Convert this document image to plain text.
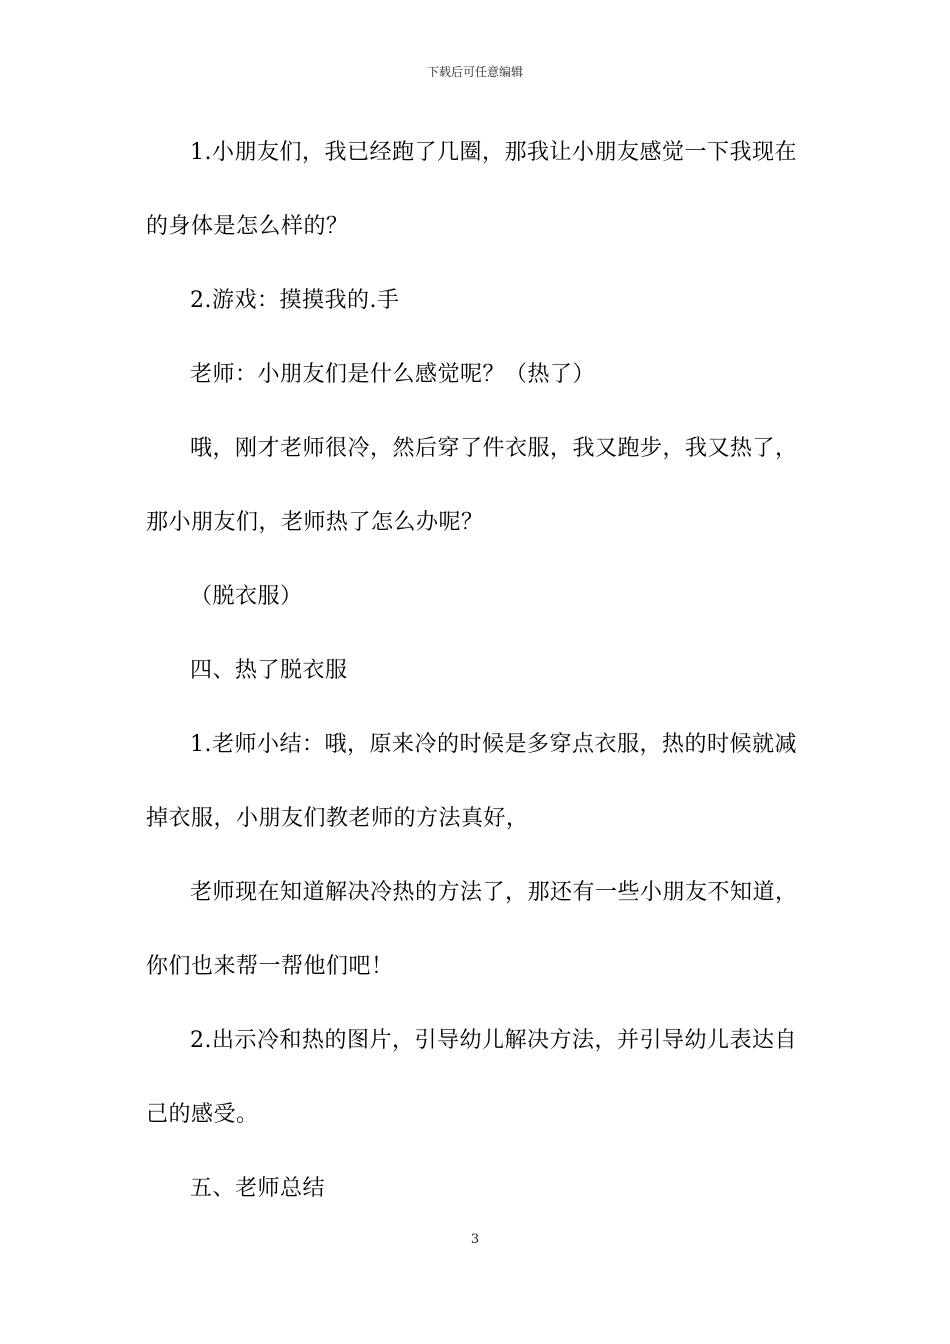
下载后可任意编辑

1.小朋友们，我已经跑了几圈，那我让小朋友感觉一下我现在

的身体是怎么样的？

2.游戏：摸摸我的.手

老师：小朋友们是什么感觉呢？（热了）

哦，刚才老师很冷，然后穿了件衣服，我又跑步，我又热了，

那小朋友们，老师热了怎么办呢？

（脱衣服）

四、热了脱衣服

1.老师小结：哦，原来冷的时候是多穿点衣服，热的时候就减

掉衣服，小朋友们教老师的方法真好，

老师现在知道解决冷热的方法了，那还有一些小朋友不知道，

你们也来帮一帮他们吧！

2.出示冷和热的图片，引导幼儿解决方法，并引导幼儿表达自

己的感受。

五、老师总结

3
